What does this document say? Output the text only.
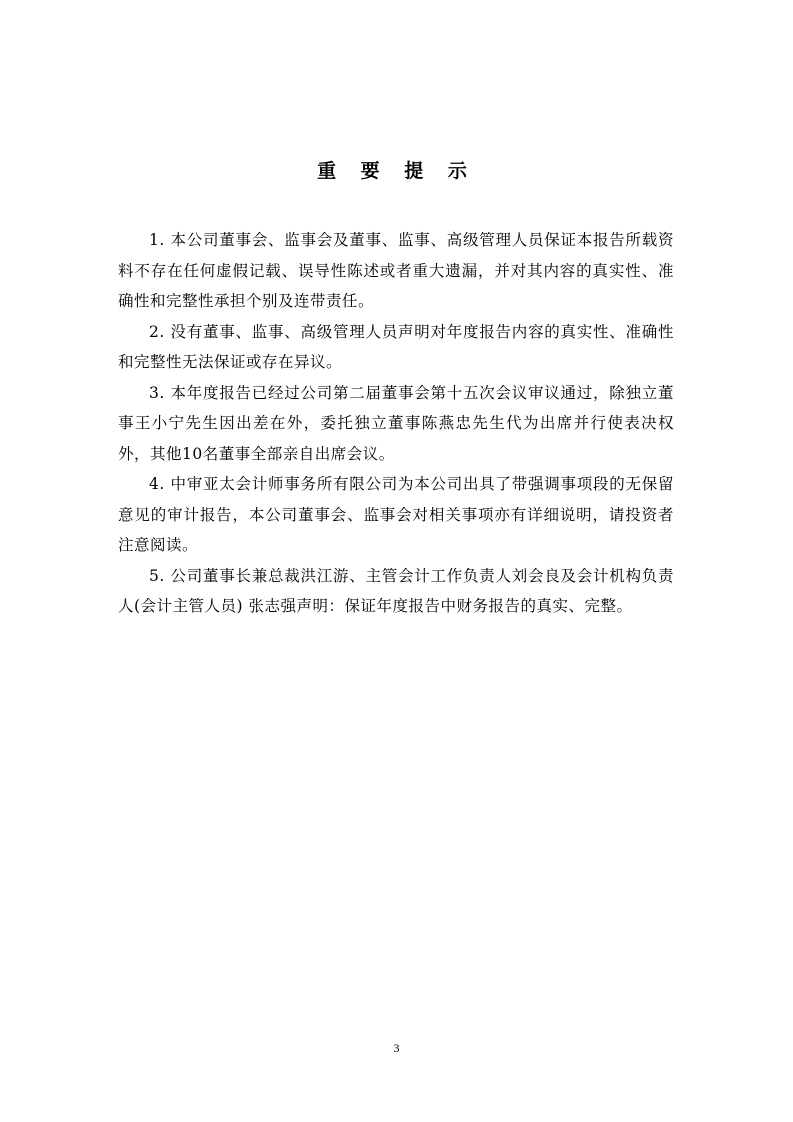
重 要 提 示

1. 本公司董事会、监事会及董事、监事、高级管理人员保证本报告所载资料不存在任何虚假记载、误导性陈述或者重大遗漏，并对其内容的真实性、准确性和完整性承担个别及连带责任。

2. 没有董事、监事、高级管理人员声明对年度报告内容的真实性、准确性和完整性无法保证或存在异议。

3. 本年度报告已经过公司第二届董事会第十五次会议审议通过，除独立董事王小宁先生因出差在外，委托独立董事陈燕忠先生代为出席并行使表决权外，其他10名董事全部亲自出席会议。

4. 中审亚太会计师事务所有限公司为本公司出具了带强调事项段的无保留意见的审计报告，本公司董事会、监事会对相关事项亦有详细说明，请投资者注意阅读。

5. 公司董事长兼总裁洪江游、主管会计工作负责人刘会良及会计机构负责人(会计主管人员) 张志强声明：保证年度报告中财务报告的真实、完整。

3
